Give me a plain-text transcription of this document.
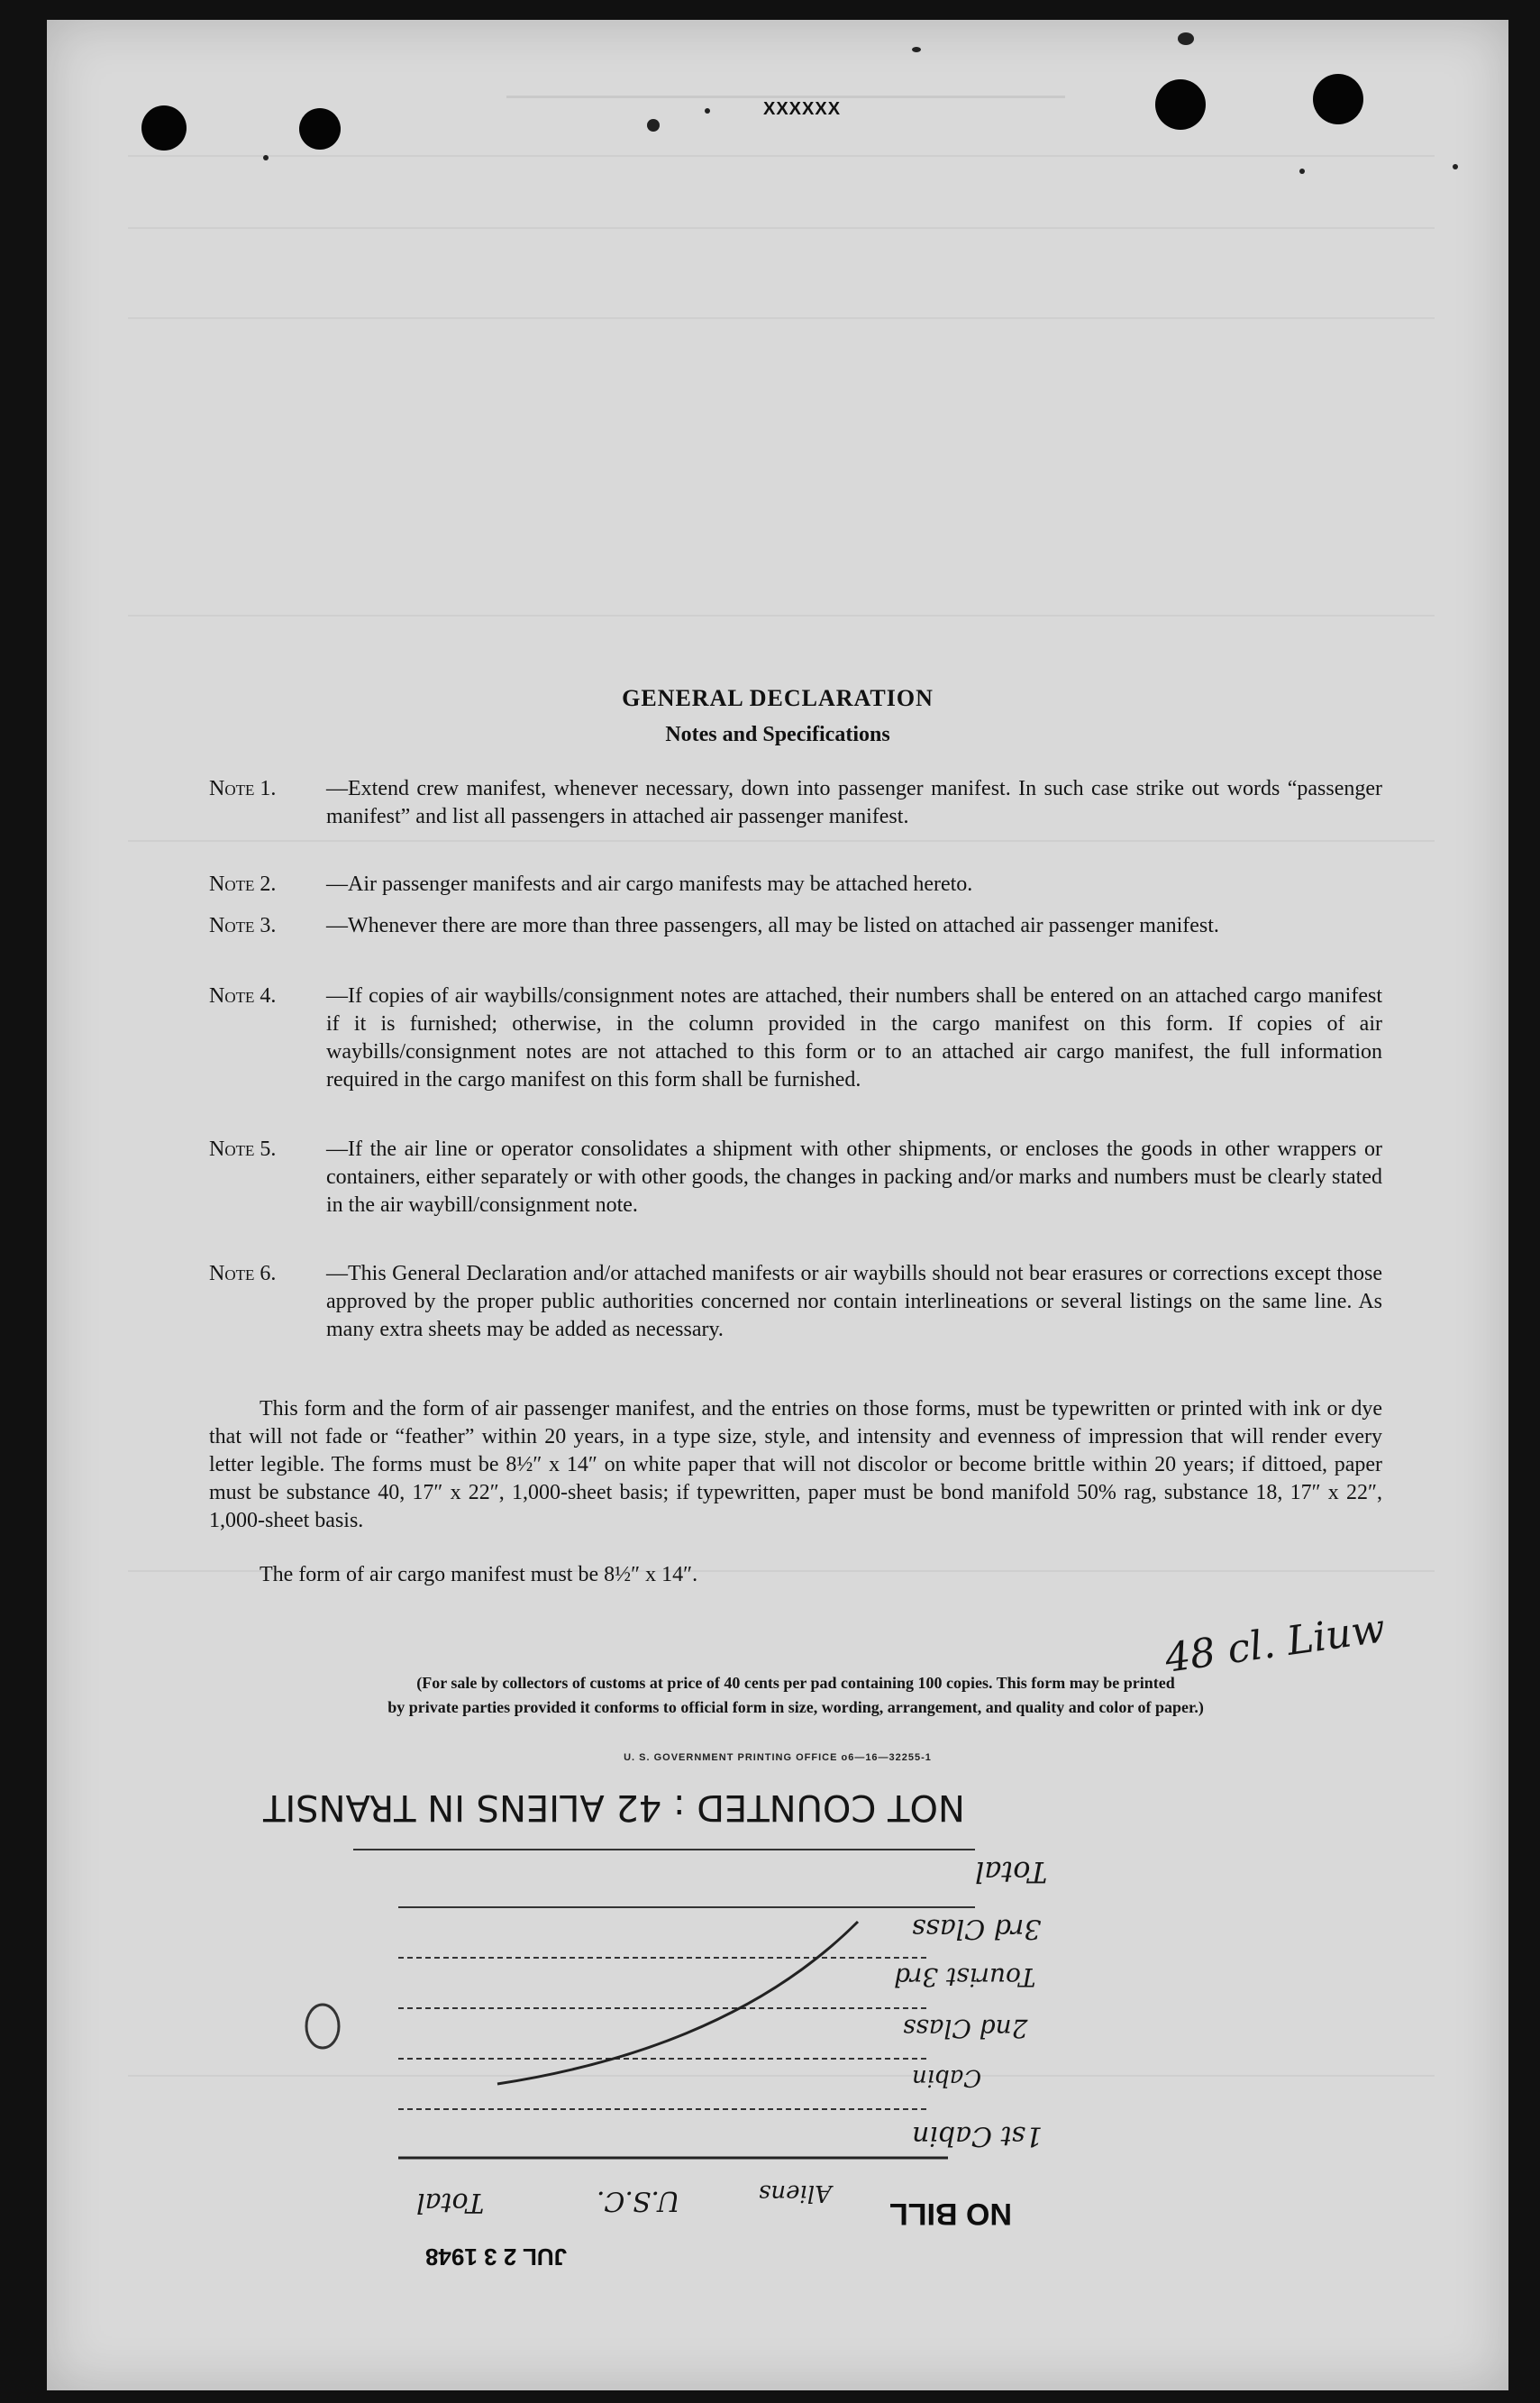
XXXXXX
GENERAL DECLARATION
Notes and Specifications
Note 1.	—Extend crew manifest, whenever necessary, down into passenger manifest. In such case strike out words “passenger manifest” and list all passengers in attached air passenger manifest.
Note 2.	—Air passenger manifests and air cargo manifests may be attached hereto.
Note 3.	—Whenever there are more than three passengers, all may be listed on attached air passenger manifest.
Note 4.	—If copies of air waybills/consignment notes are attached, their numbers shall be entered on an attached cargo manifest if it is furnished; otherwise, in the column provided in the cargo manifest on this form. If copies of air waybills/consignment notes are not attached to this form or to an attached air cargo manifest, the full information required in the cargo manifest on this form shall be furnished.
Note 5.	—If the air line or operator consolidates a shipment with other shipments, or encloses the goods in other wrappers or containers, either separately or with other goods, the changes in packing and/or marks and numbers must be clearly stated in the air waybill/consignment note.
Note 6.	—This General Declaration and/or attached manifests or air waybills should not bear erasures or corrections except those approved by the proper public authorities concerned nor contain interlineations or several listings on the same line. As many extra sheets may be added as necessary.
This form and the form of air passenger manifest, and the entries on those forms, must be typewritten or printed with ink or dye that will not fade or “feather” within 20 years, in a type size, style, and intensity and evenness of impression that will render every letter legible. The forms must be 8½″ x 14″ on white paper that will not discolor or become brittle within 20 years; if dittoed, paper must be substance 40, 17″ x 22″, 1,000-sheet basis; if typewritten, paper must be bond manifold 50% rag, substance 18, 17″ x 22″, 1,000-sheet basis.
The form of air cargo manifest must be 8½″ x 14″.
(For sale by collectors of customs at price of 40 cents per pad containing 100 copies. This form may be printed
by private parties provided it conforms to official form in size, wording, arrangement, and quality and color of paper.)
U. S. GOVERNMENT PRINTING OFFICE o6—16—32255-1
48 cl. Liuw
NOT COUNTED : 42 ALIENS IN TRANSIT
Total
3rd Class
Tourist 3rd
2nd Class
Cabin
1st Cabin
Aliens
U.S.C.
Total	NO BILL
JUL 2 3 1948
